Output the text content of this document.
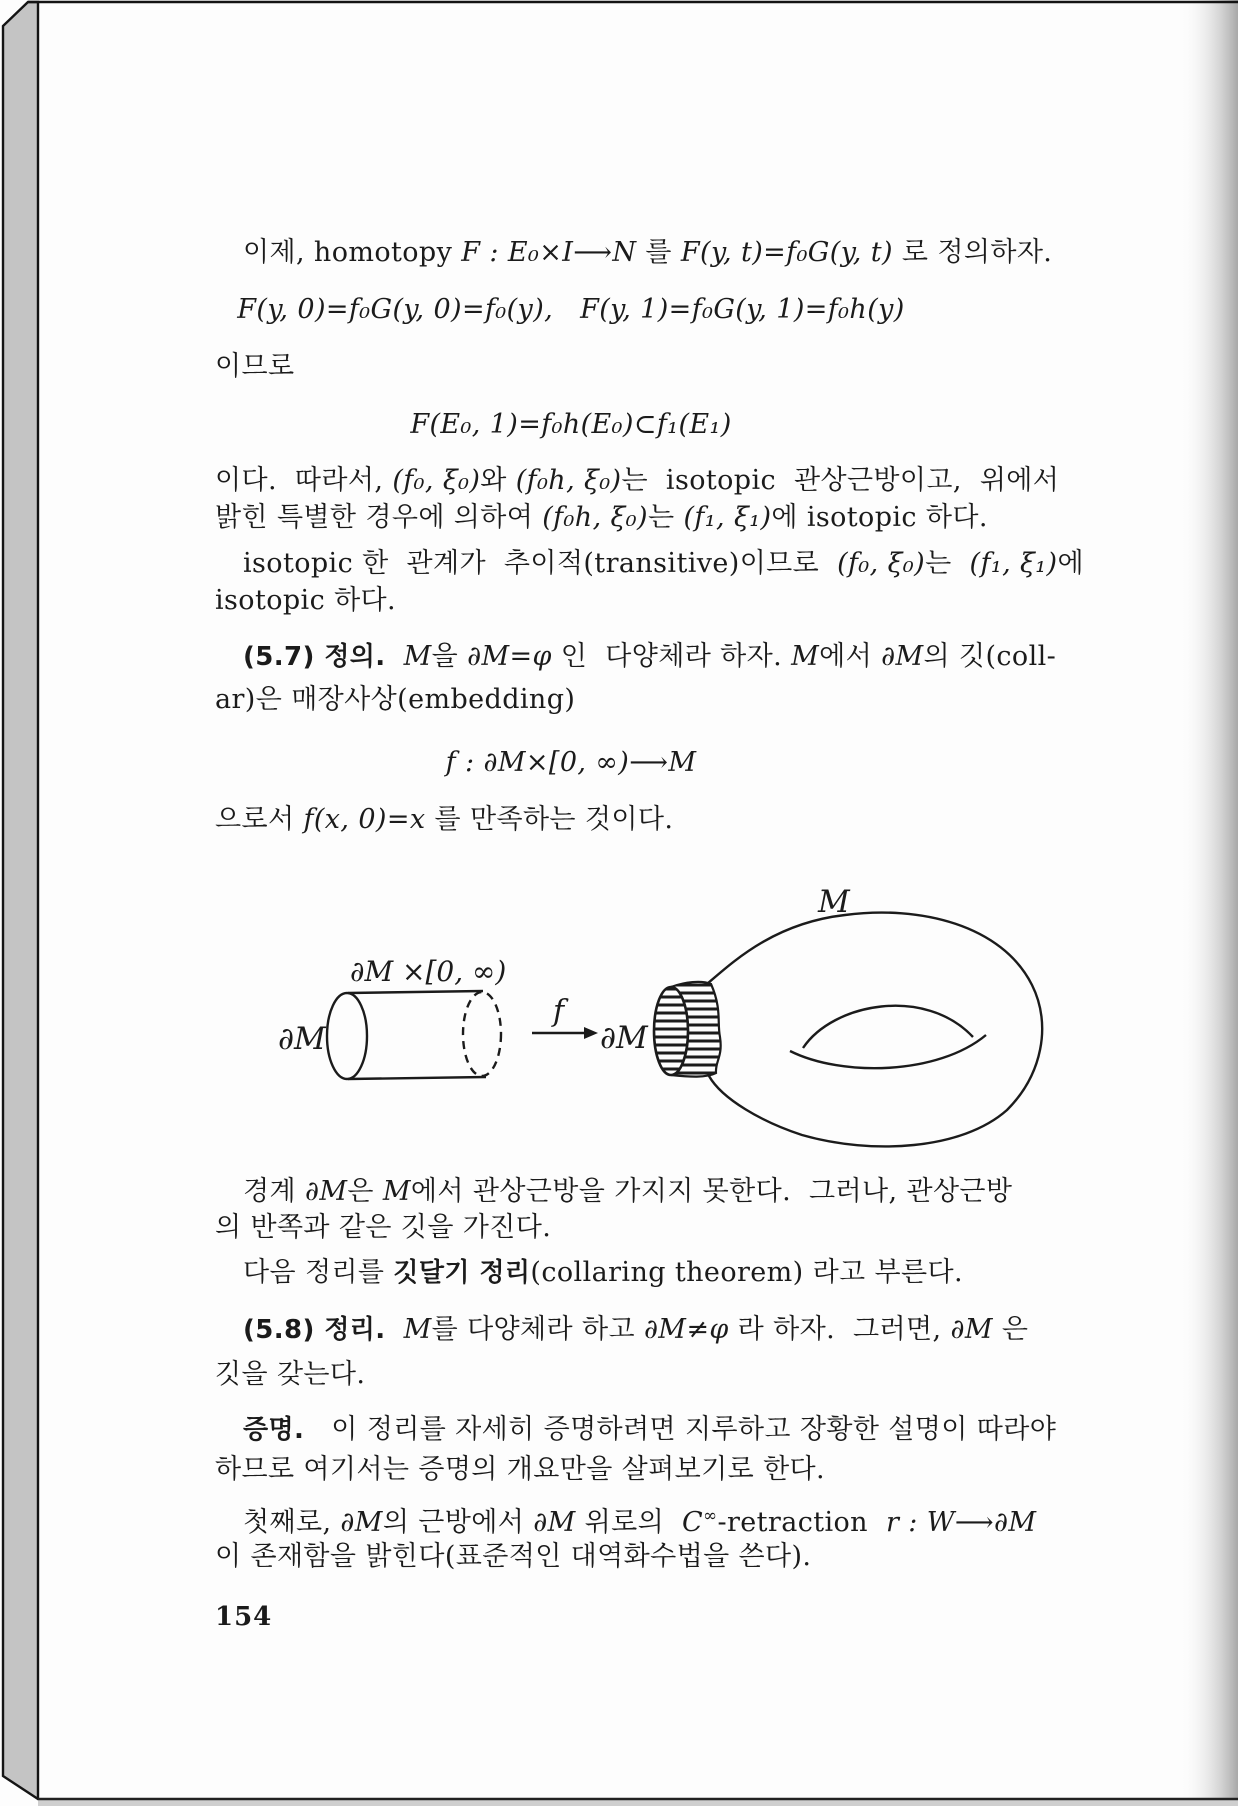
이제, homotopy F : E₀×I⟶N 를 F(y, t)=f₀G(y, t) 로 정의하자.

F(y, 0)=f₀G(y, 0)=f₀(y),   F(y, 1)=f₀G(y, 1)=f₀h(y)

이므로

F(E₀, 1)=f₀h(E₀)⊂f₁(E₁)

이다.  따라서, (f₀, ξ₀)와 (f₀h, ξ₀)는  isotopic  관상근방이고,  위에서

밝힌 특별한 경우에 의하여 (f₀h, ξ₀)는 (f₁, ξ₁)에 isotopic 하다.

isotopic 한  관계가  추이적(transitive)이므로  (f₀, ξ₀)는  (f₁, ξ₁)에

isotopic 하다.

(5.7) 정의. M을 ∂M=φ 인  다양체라 하자. M에서 ∂M의 깃(coll-

ar)은 매장사상(embedding)

f : ∂M×[0, ∞)⟶M

으로서 f(x, 0)=x 를 만족하는 것이다.

경계 ∂M은 M에서 관상근방을 가지지 못한다.  그러나, 관상근방

의 반쪽과 같은 깃을 가진다.

다음 정리를 깃달기 정리(collaring theorem) 라고 부른다.

(5.8) 정리. M를 다양체라 하고 ∂M≠φ 라 하자.  그러면, ∂M 은

깃을 갖는다.

증명.   이 정리를 자세히 증명하려면 지루하고 장황한 설명이 따라야

하므로 여기서는 증명의 개요만을 살펴보기로 한다.

첫째로, ∂M의 근방에서 ∂M 위로의  C∞-retraction  r : W⟶∂M

이 존재함을 밝힌다(표준적인 대역화수법을 쓴다).

154

∂M
∂M ×[0, ∞)
f
∂M
M
